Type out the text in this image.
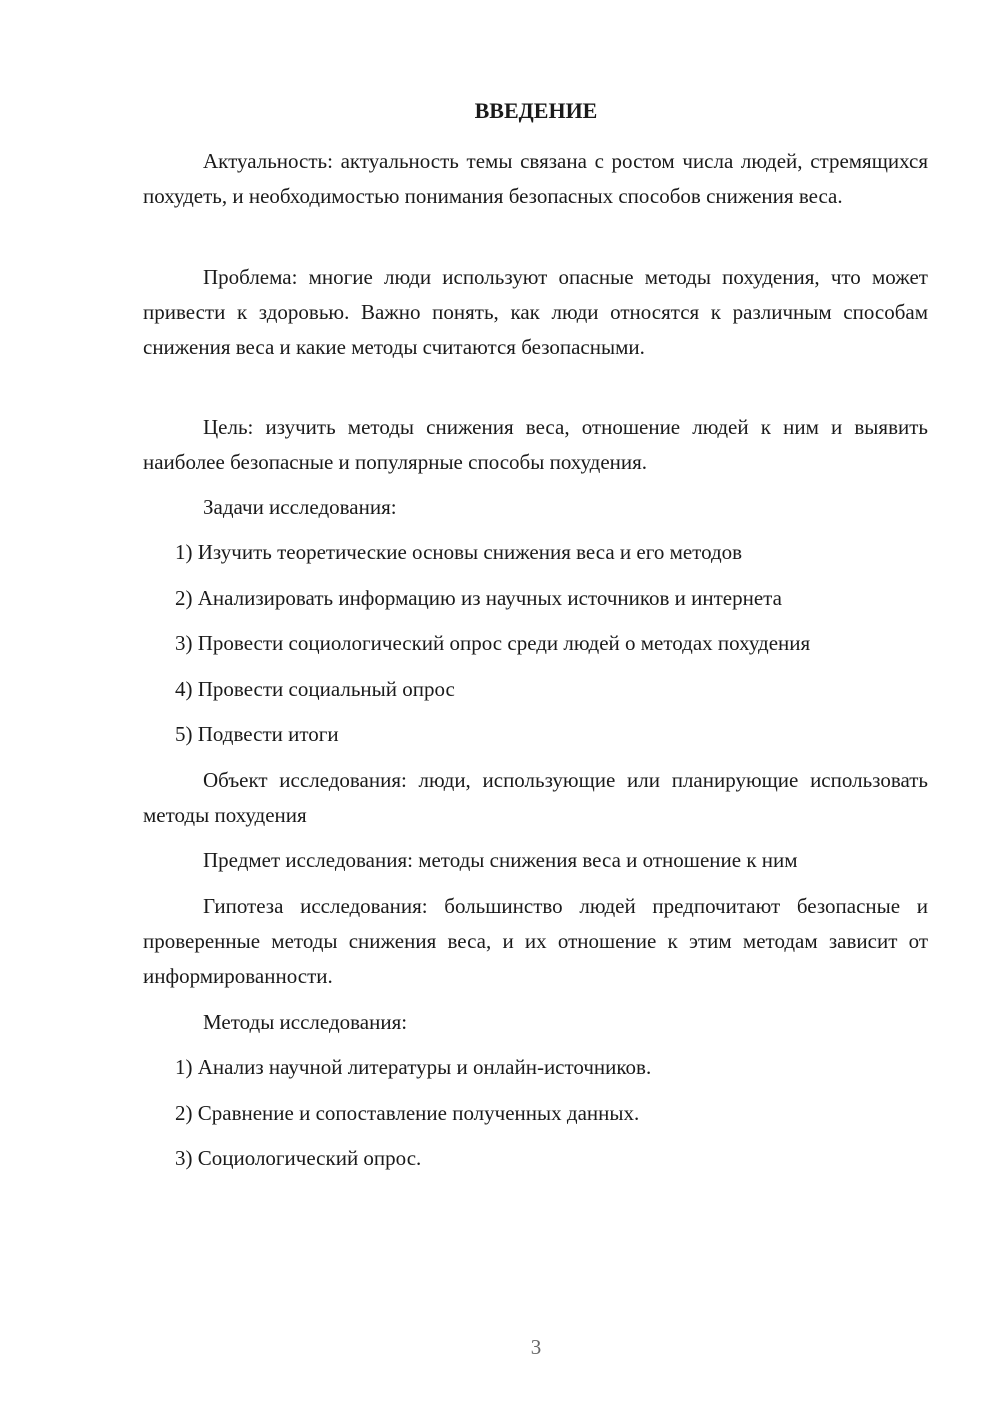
ВВЕДЕНИЕ

Актуальность: актуальность темы связана с ростом числа людей, стремящихся похудеть, и необходимостью понимания безопасных способов снижения веса.

Проблема: многие люди используют опасные методы похудения, что может привести к здоровью. Важно понять, как люди относятся к различным способам снижения веса и какие методы считаются безопасными.

Цель: изучить методы снижения веса, отношение людей к ним и выявить наиболее безопасные и популярные способы похудения.

Задачи исследования:

1) Изучить теоретические основы снижения веса и его методов

2) Анализировать информацию из научных источников и интернета

3) Провести социологический опрос среди людей о методах похудения

4) Провести социальный опрос

5) Подвести итоги

Объект исследования: люди, использующие или планирующие использовать методы похудения

Предмет исследования: методы снижения веса и отношение к ним

Гипотеза исследования: большинство людей предпочитают безопасные и проверенные методы снижения веса, и их отношение к этим методам зависит от информированности.

Методы исследования:

1) Анализ научной литературы и онлайн-источников.

2) Сравнение и сопоставление полученных данных.

3) Социологический опрос.

3
